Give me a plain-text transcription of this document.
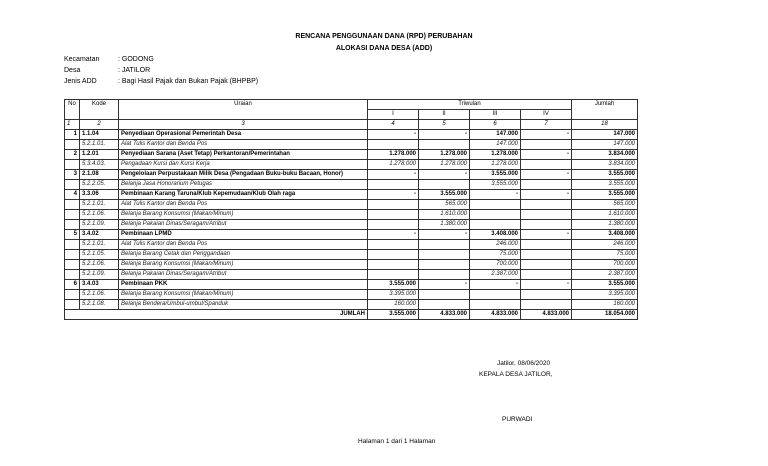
RENCANA PENGGUNAAN DANA (RPD) PERUBAHAN
ALOKASI DANA DESA (ADD)
Kecamatan	: GODONG
Desa	: JATILOR
Jenis ADD	: Bagi Hasil Pajak dan Bukan Pajak (BHPBP)
No	Kode	Uraian	Triwulan				Jumlah
			I	II	III	IV	
1	2	3	4	5	6	7	18
1	1.1.04	Penyediaan Operasional Pemerintah Desa	-	-	147.000	-	147.000
	5.2.1.01.	Alat Tulis Kantor dan Benda Pos			147.000		147.000
2	1.2.01	Penyediaan Sarana (Aset Tetap) Perkantoran/Pemerintahan	1.278.000	1.278.000	1.278.000	-	3.834.000
	5.3.4.03.	Pengadaan Kursi dan Kursi Kerja	1.278.000	1.278.000	1.278.000		3.834.000
3	2.1.08	Pengelolaan Perpustakaan Milik Desa (Pengadaan Buku-buku Bacaan, Honor)	-	-	3.555.000	-	3.555.000
	5.2.2.05.	Belanja Jasa Honorarium Petugas			3.555.000		3.555.000
4	3.3.06	Pembinaan Karang Taruna/Klub Kepemudaan/Klub Olah raga	-	3.555.000	-	-	3.555.000
	5.2.1.01.	Alat Tulis Kantor dan Benda Pos		565.000			565.000
	5.2.1.06.	Belanja Barang Konsumsi (Makan/Minum)		1.610.000			1.610.000
	5.2.1.09.	Belanja Pakaian Dinas/Seragam/Atribut		1.380.000			1.380.000
5	3.4.02	Pembinaan LPMD	-	-	3.408.000	-	3.408.000
	5.2.1.01.	Alat Tulis Kantor dan Benda Pos			246.000		246.000
	5.2.1.05.	Belanja Barang Cetak dan Penggandaan			75.000		75.000
	5.2.1.06.	Belanja Barang Konsumsi (Makan/Minum)			700.000		700.000
	5.2.1.09.	Belanja Pakaian Dinas/Seragam/Atribut			2.387.000		2.387.000
6	3.4.03	Pembinaan PKK	3.555.000	-	-	-	3.555.000
	5.2.1.06.	Belanja Barang Konsumsi (Makan/Minum)	3.395.000				3.395.000
	5.2.1.08.	Belanja Bendera/Umbul-umbul/Spanduk	160.000				160.000
JUMLAH			3.555.000	4.833.000	4.833.000	4.833.000	18.054.000
Jatilor, 08/06/2020
KEPALA DESA JATILOR,
PURWADI
Halaman 1 dari 1 Halaman
